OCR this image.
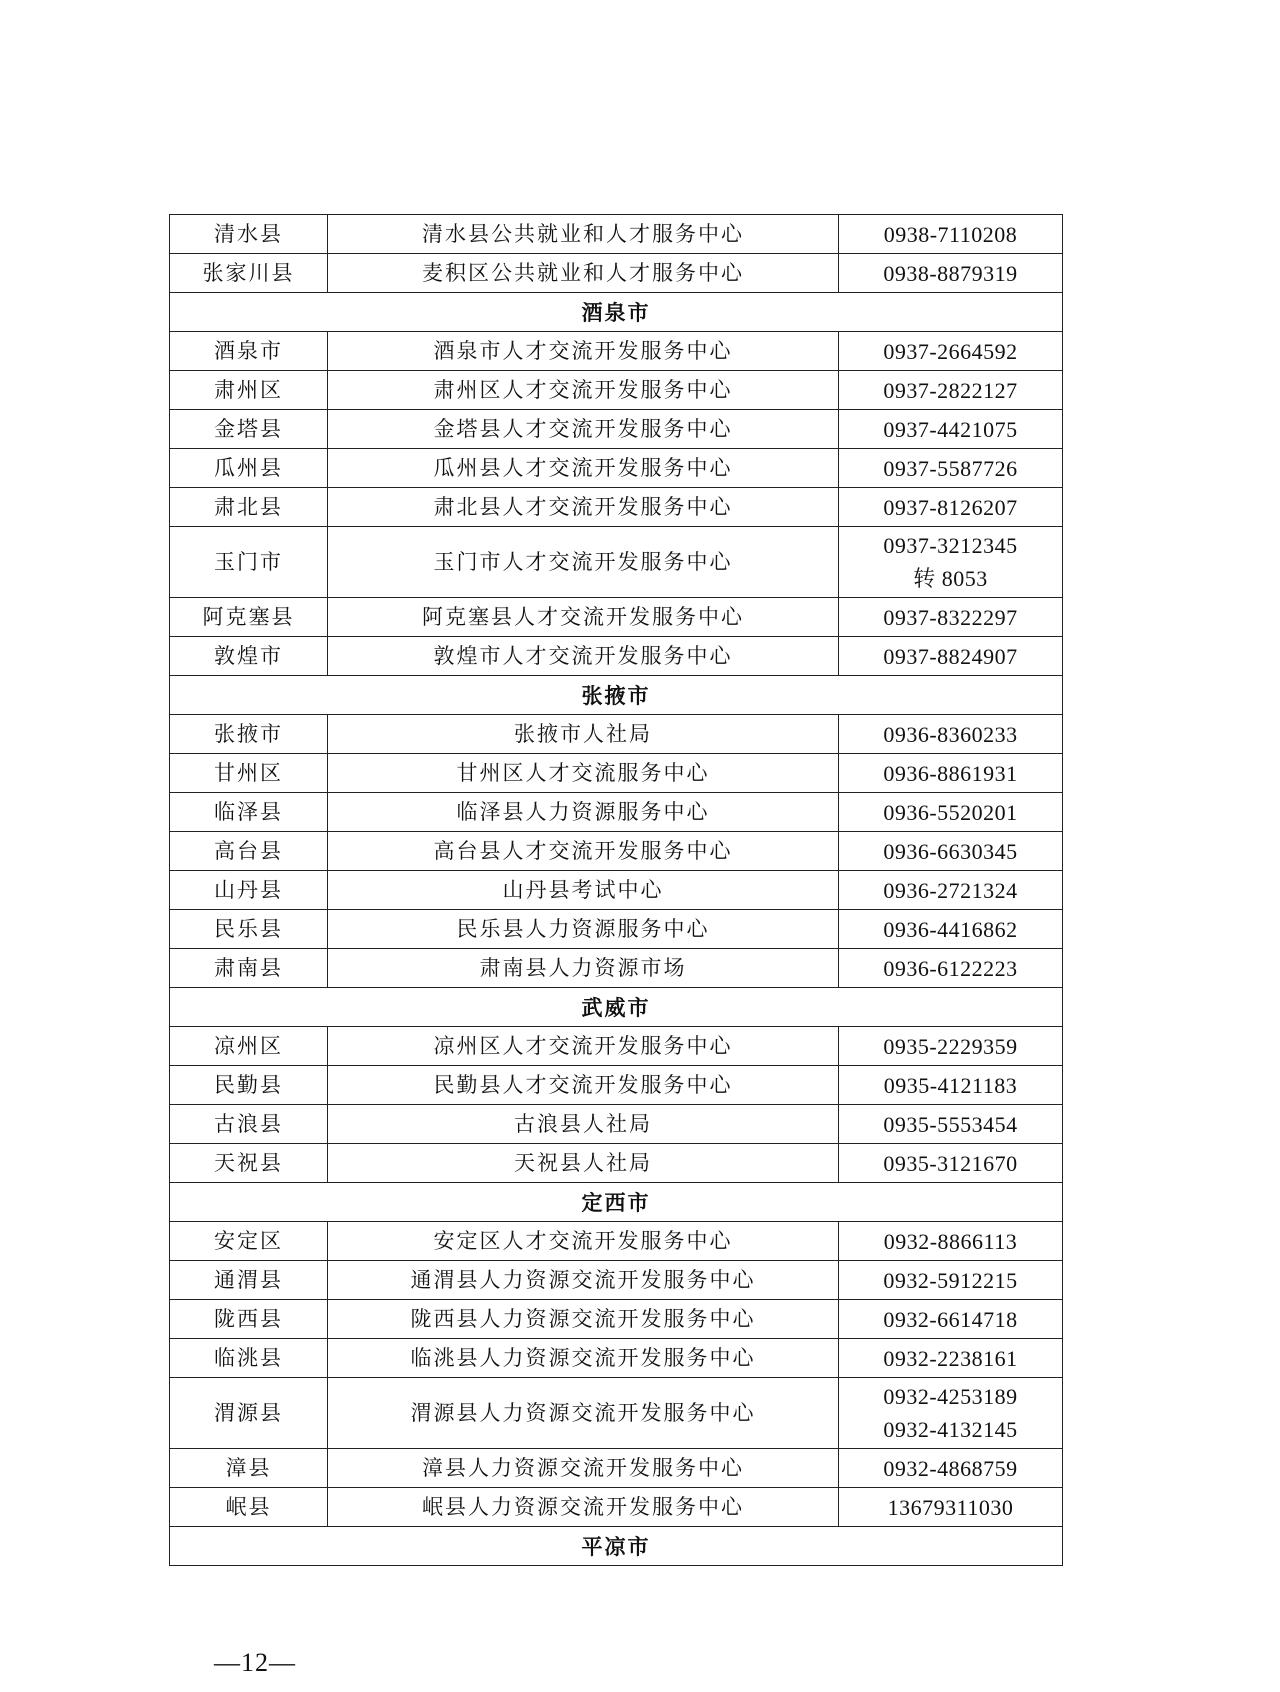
清水县	清水县公共就业和人才服务中心	0938-7110208

张家川县	麦积区公共就业和人才服务中心	0938-8879319

酒泉市		
酒泉市	酒泉市人才交流开发服务中心	0937-2664592

肃州区	肃州区人才交流开发服务中心	0937-2822127

金塔县	金塔县人才交流开发服务中心	0937-4421075

瓜州县	瓜州县人才交流开发服务中心	0937-5587726

肃北县	肃北县人才交流开发服务中心	0937-8126207

玉门市	玉门市人才交流开发服务中心	0937-3212345
转 8053

阿克塞县	阿克塞县人才交流开发服务中心	0937-8322297

敦煌市	敦煌市人才交流开发服务中心	0937-8824907

张掖市		
张掖市	张掖市人社局	0936-8360233

甘州区	甘州区人才交流服务中心	0936-8861931

临泽县	临泽县人力资源服务中心	0936-5520201

高台县	高台县人才交流开发服务中心	0936-6630345

山丹县	山丹县考试中心	0936-2721324

民乐县	民乐县人力资源服务中心	0936-4416862

肃南县	肃南县人力资源市场	0936-6122223

武威市		
凉州区	凉州区人才交流开发服务中心	0935-2229359

民勤县	民勤县人才交流开发服务中心	0935-4121183

古浪县	古浪县人社局	0935-5553454

天祝县	天祝县人社局	0935-3121670

定西市		
安定区	安定区人才交流开发服务中心	0932-8866113

通渭县	通渭县人力资源交流开发服务中心	0932-5912215

陇西县	陇西县人力资源交流开发服务中心	0932-6614718

临洮县	临洮县人力资源交流开发服务中心	0932-2238161

渭源县	渭源县人力资源交流开发服务中心	0932-4253189
0932-4132145

漳县	漳县人力资源交流开发服务中心	0932-4868759

岷县	岷县人力资源交流开发服务中心	13679311030

平凉市		
—12—
